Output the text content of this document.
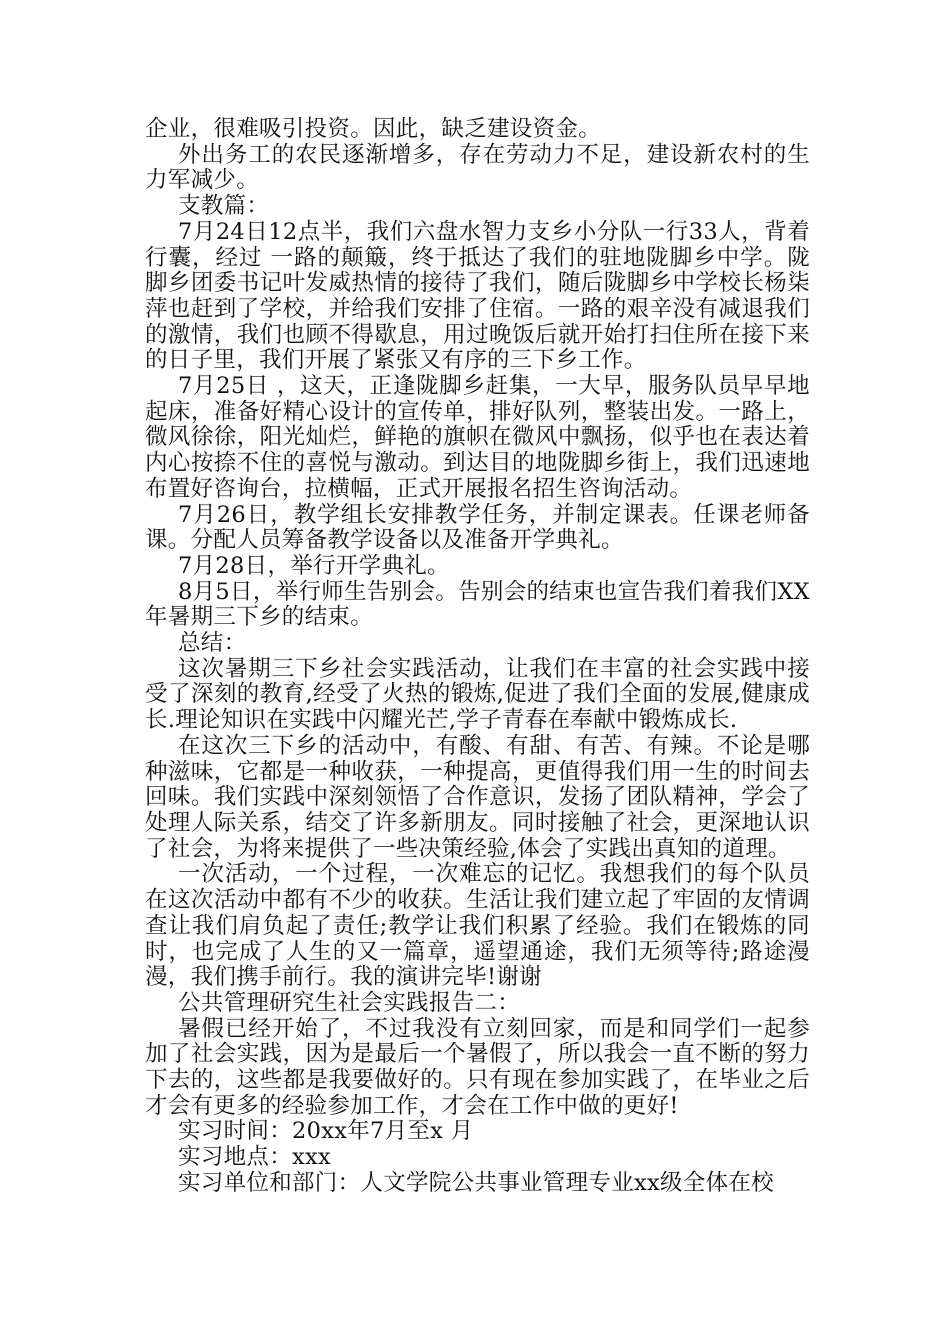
企业，很难吸引投资。因此，缺乏建设资金。

外出务工的农民逐渐增多，存在劳动力不足，建设新农村的生力军减少。

支教篇：

7月24日12点半，我们六盘水智力支乡小分队一行33人，背着行囊，经过 一路的颠簸，终于抵达了我们的驻地陇脚乡中学。陇脚乡团委书记叶发威热情的接待了我们，随后陇脚乡中学校长杨柒萍也赶到了学校，并给我们安排了住宿。一路的艰辛没有减退我们的激情，我们也顾不得歇息，用过晚饭后就开始打扫住所在接下来的日子里，我们开展了紧张又有序的三下乡工作。

7月25日 ，这天，正逢陇脚乡赶集，一大早，服务队员早早地起床，准备好精心设计的宣传单，排好队列，整装出发。一路上，微风徐徐，阳光灿烂，鲜艳的旗帜在微风中飘扬，似乎也在表达着内心按捺不住的喜悦与激动。到达目的地陇脚乡街上，我们迅速地布置好咨询台，拉横幅，正式开展报名招生咨询活动。

7月26日，教学组长安排教学任务，并制定课表。任课老师备课。分配人员筹备教学设备以及准备开学典礼。

7月28日，举行开学典礼。

8月5日，举行师生告别会。告别会的结束也宣告我们着我们XX年暑期三下乡的结束。

总结：

这次暑期三下乡社会实践活动，让我们在丰富的社会实践中接受了深刻的教育,经受了火热的锻炼,促进了我们全面的发展,健康成长.理论知识在实践中闪耀光芒,学子青春在奉献中锻炼成长.

在这次三下乡的活动中，有酸、有甜、有苦、有辣。不论是哪种滋味，它都是一种收获，一种提高，更值得我们用一生的时间去回味。我们实践中深刻领悟了合作意识，发扬了团队精神，学会了处理人际关系，结交了许多新朋友。同时接触了社会，更深地认识了社会，为将来提供了一些决策经验,体会了实践出真知的道理。

一次活动，一个过程，一次难忘的记忆。我想我们的每个队员在这次活动中都有不少的收获。生活让我们建立起了牢固的友情调查让我们肩负起了责任;教学让我们积累了经验。我们在锻炼的同时，也完成了人生的又一篇章，遥望通途，我们无须等待;路途漫漫，我们携手前行。我的演讲完毕!谢谢

公共管理研究生社会实践报告二：

暑假已经开始了，不过我没有立刻回家，而是和同学们一起参加了社会实践，因为是最后一个暑假了，所以我会一直不断的努力下去的，这些都是我要做好的。只有现在参加实践了，在毕业之后才会有更多的经验参加工作，才会在工作中做的更好!

实习时间：20xx年7月至x 月

实习地点：xxx

实习单位和部门：人文学院公共事业管理专业xx级全体在校
